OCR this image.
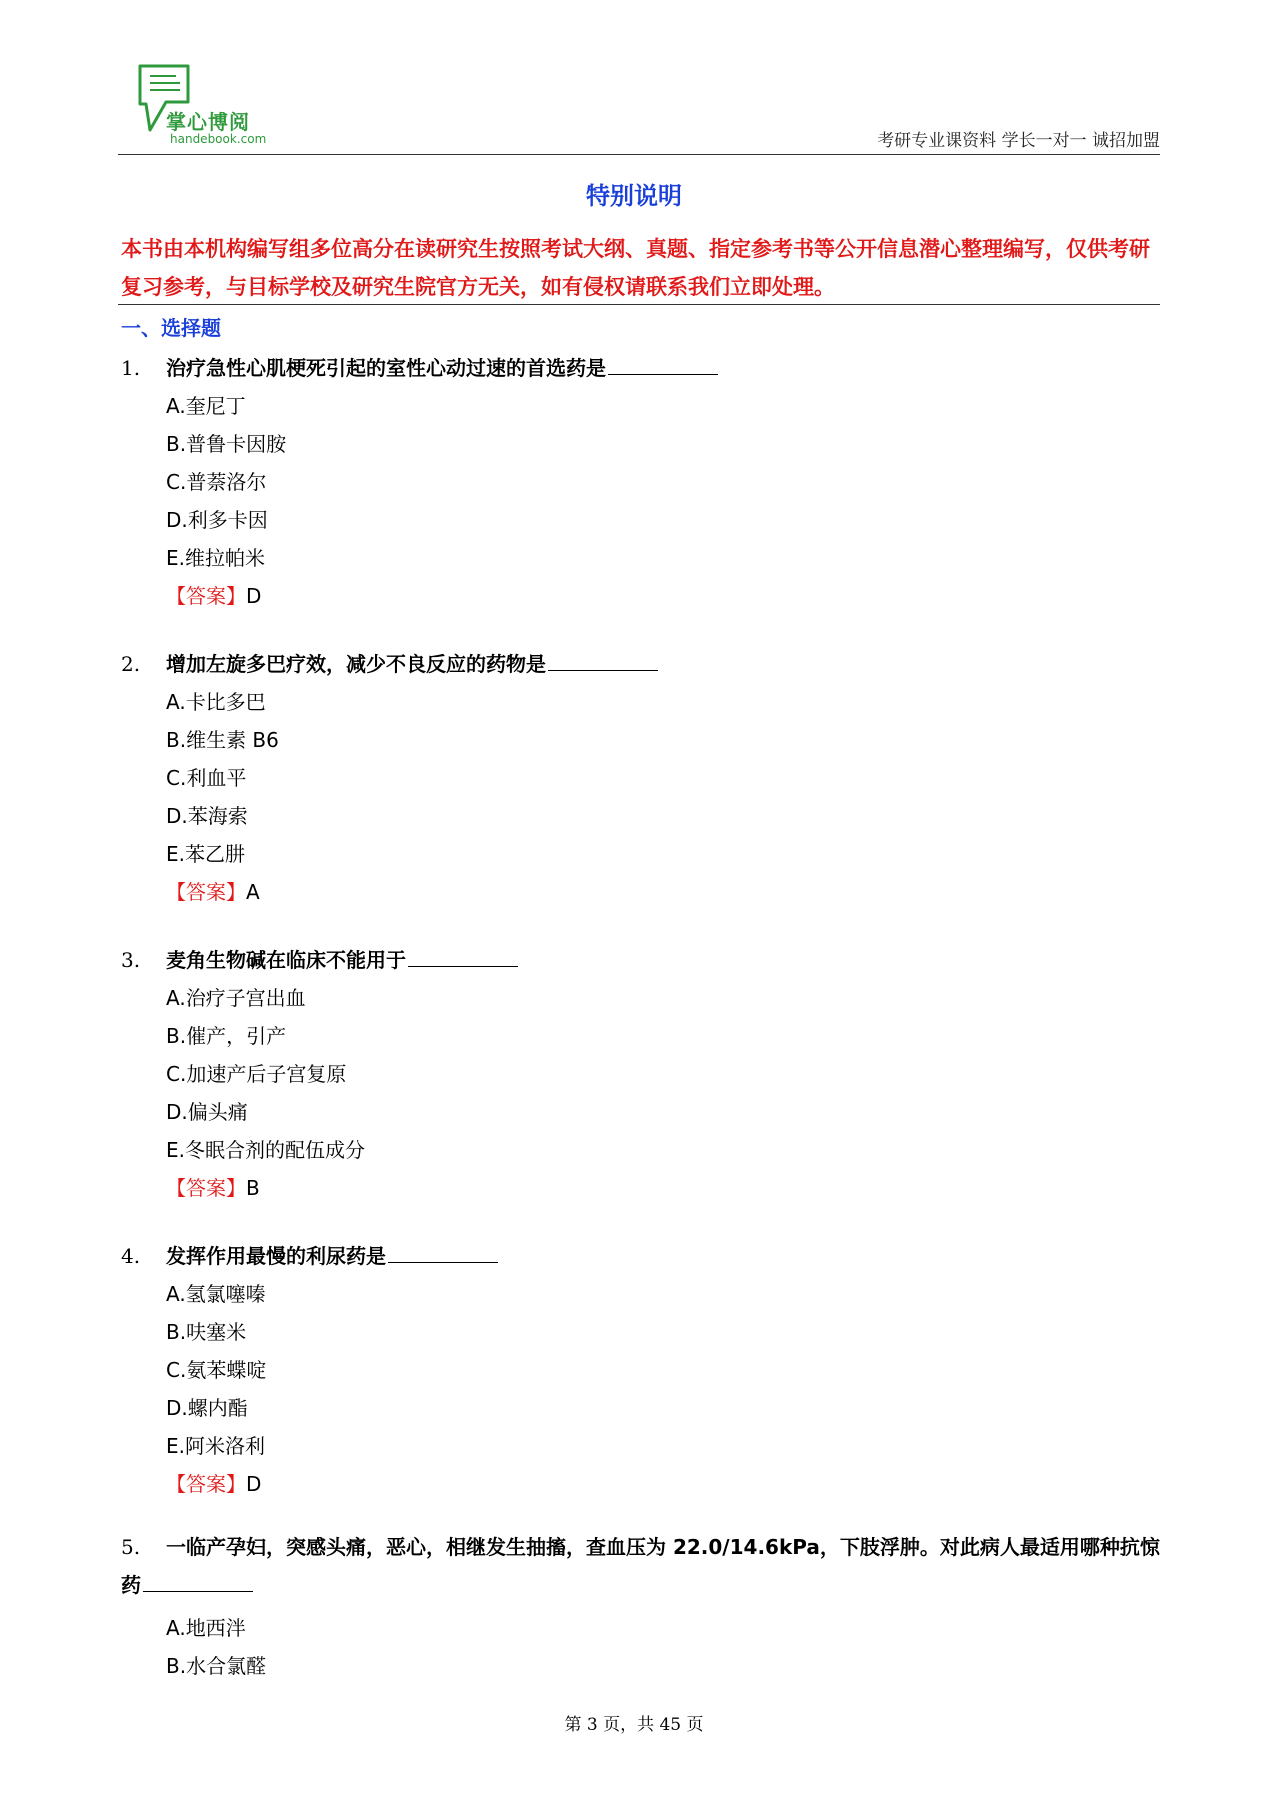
掌心博阅
handebook.com	考研专业课资料 学长一对一 诚招加盟
特别说明
本书由本机构编写组多位高分在读研究生按照考试大纲、真题、指定参考书等公开信息潜心整理编写，仅供考研复习参考，与目标学校及研究生院官方无关，如有侵权请联系我们立即处理。
一、选择题
1. 治疗急性心肌梗死引起的室性心动过速的首选药是
A.奎尼丁
B.普鲁卡因胺
C.普萘洛尔
D.利多卡因
E.维拉帕米
【答案】D
2. 增加左旋多巴疗效，减少不良反应的药物是
A.卡比多巴
B.维生素 B6
C.利血平
D.苯海索
E.苯乙肼
【答案】A
3. 麦角生物碱在临床不能用于
A.治疗子宫出血
B.催产，引产
C.加速产后子宫复原
D.偏头痛
E.冬眠合剂的配伍成分
【答案】B
4. 发挥作用最慢的利尿药是
A.氢氯噻嗪
B.呋塞米
C.氨苯蝶啶
D.螺内酯
E.阿米洛利
【答案】D
5. 一临产孕妇，突感头痛，恶心，相继发生抽搐，查血压为 22.0/14.6kPa，下肢浮肿。对此病人最适用哪种抗惊药
A.地西泮
B.水合氯醛
第 3 页，共 45 页
